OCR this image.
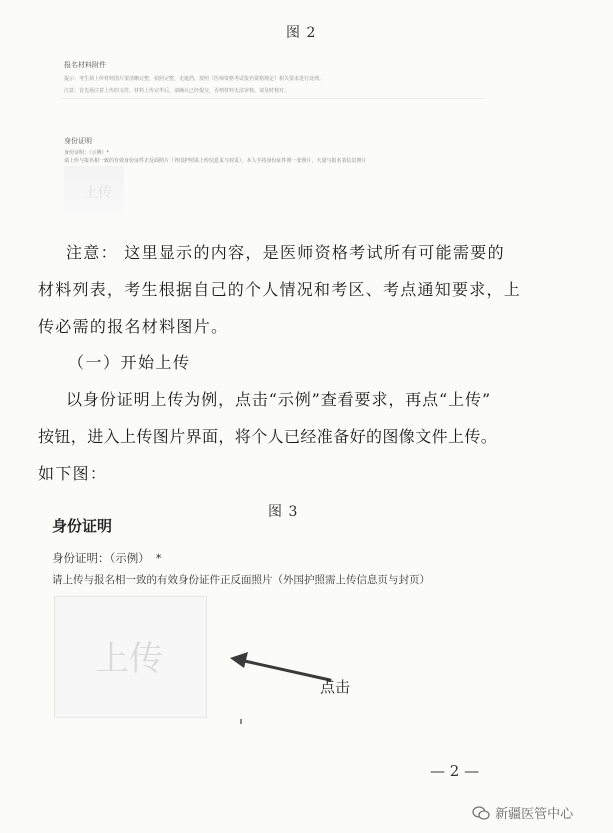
图 2
报名材料附件
提示：考生须上传材料图片要清晰完整，拍照完整，无遮挡，按照《医师资格考试报名资格规定》相关要求进行处理。
注意：首先须注意上传的文件，材料上传完毕后，请确认已经提交，否则材料无法审核，请及时核对。
身份证明
身份证明：（示例）*
请上传与报名相一致的有效身份证件正反面照片（外国护照需上传信息页与封页），本人手持身份证件照一张照片，大量与报名表信息照片
上传
注意： 这里显示的内容，是医师资格考试所有可能需要的
材料列表，考生根据自己的个人情况和考区、考点通知要求，上
传必需的报名材料图片。
（一）开始上传
以身份证明上传为例，点击“示例”查看要求，再点“上传”
按钮，进入上传图片界面，将个人已经准备好的图像文件上传。
如下图：
图 3
身份证明
身份证明：（示例） *
请上传与报名相一致的有效身份证件正反面照片（外国护照需上传信息页与封页）
上传
点击
— 2 —
新疆医管中心
